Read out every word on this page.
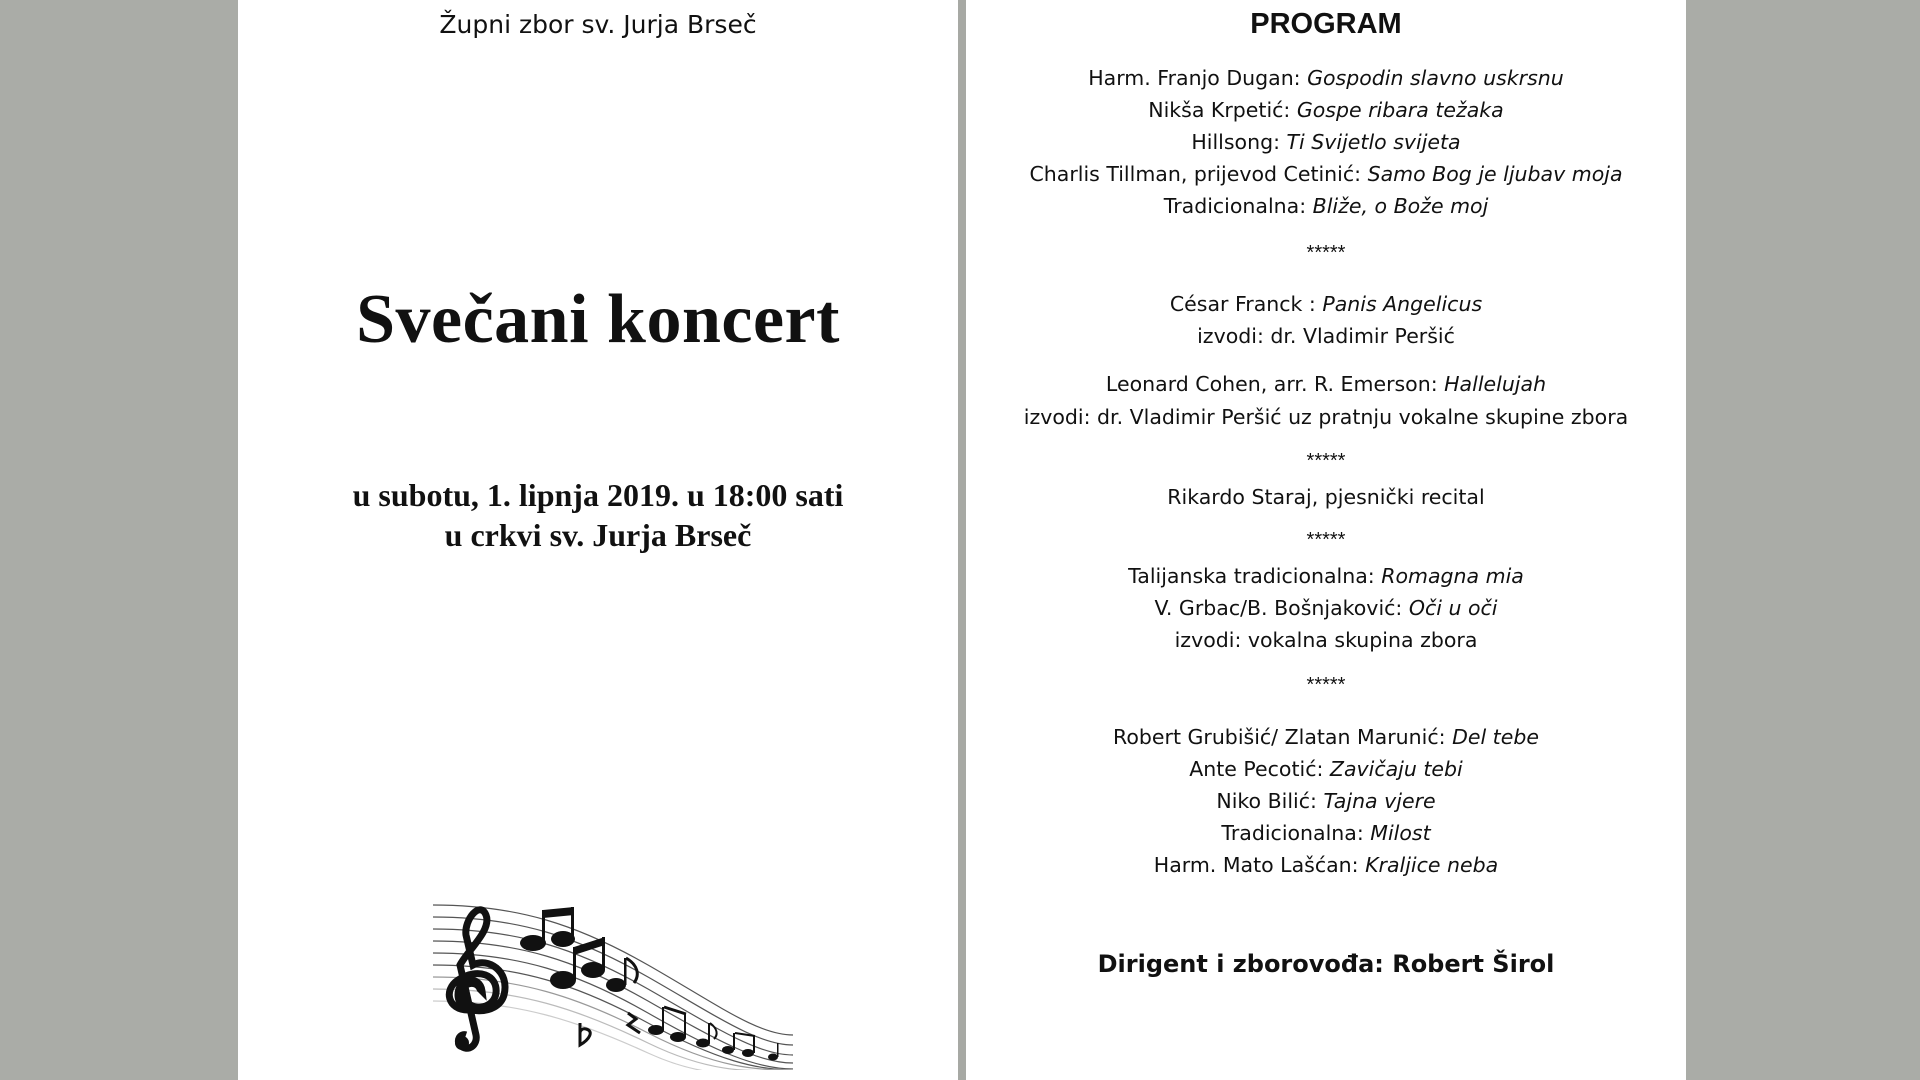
Župni zbor sv. Jurja Brseč
Svečani koncert
u subotu, 1. lipnja 2019. u 18:00 sati
u crkvi sv. Jurja Brseč
PROGRAM
Harm. Franjo Dugan: Gospodin slavno uskrsnu
Nikša Krpetić: Gospe ribara težaka
Hillsong: Ti Svijetlo svijeta
Charlis Tillman, prijevod Cetinić: Samo Bog je ljubav moja
Tradicionalna: Bliže, o Bože moj
*****
César Franck : Panis Angelicus
izvodi: dr. Vladimir Peršić
Leonard Cohen, arr. R. Emerson: Hallelujah
izvodi: dr. Vladimir Peršić uz pratnju vokalne skupine zbora
*****
Rikardo Staraj, pjesnički recital
*****
Talijanska tradicionalna: Romagna mia
V. Grbac/B. Bošnjaković: Oči u oči
izvodi: vokalna skupina zbora
*****
Robert Grubišić/ Zlatan Marunić: Del tebe
Ante Pecotić: Zavičaju tebi
Niko Bilić: Tajna vjere
Tradicionalna: Milost
Harm. Mato Lašćan: Kraljice neba
Dirigent i zborovođa: Robert Širol
